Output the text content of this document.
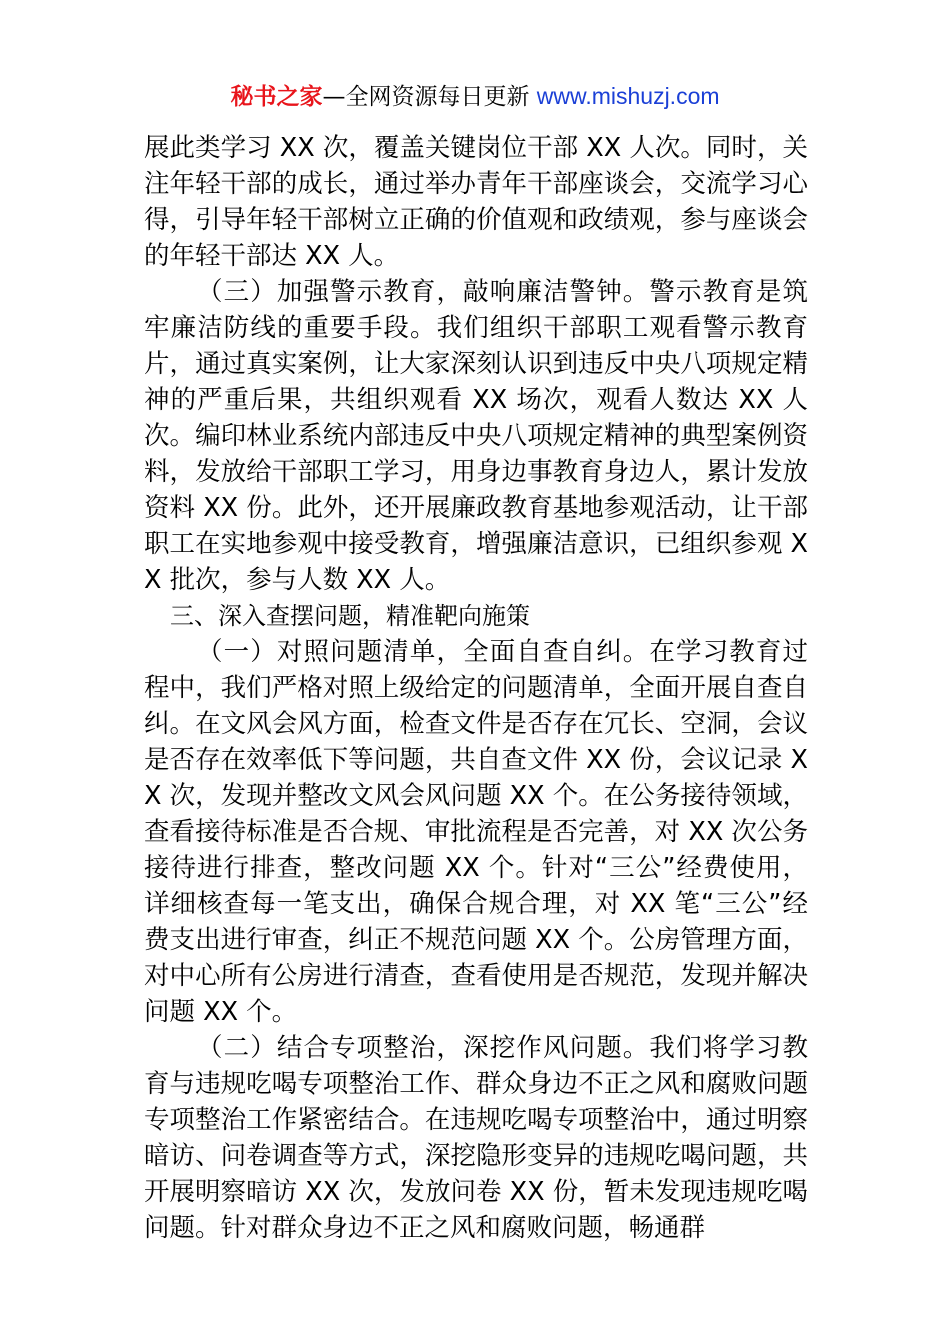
秘书之家—全网资源每日更新 www.mishuzj.com

展此类学习 XX 次，覆盖关键岗位干部 XX 人次。同时，关注年轻干部的成长，通过举办青年干部座谈会，交流学习心得，引导年轻干部树立正确的价值观和政绩观，参与座谈会的年轻干部达 XX 人。

（三）加强警示教育，敲响廉洁警钟。警示教育是筑牢廉洁防线的重要手段。我们组织干部职工观看警示教育片，通过真实案例，让大家深刻认识到违反中央八项规定精神的严重后果，共组织观看 XX 场次，观看人数达 XX 人次。编印林业系统内部违反中央八项规定精神的典型案例资料，发放给干部职工学习，用身边事教育身边人，累计发放资料 XX 份。此外，还开展廉政教育基地参观活动，让干部职工在实地参观中接受教育，增强廉洁意识，已组织参观 XX 批次，参与人数 XX 人。

三、深入查摆问题，精准靶向施策

（一）对照问题清单，全面自查自纠。在学习教育过程中，我们严格对照上级给定的问题清单，全面开展自查自纠。在文风会风方面，检查文件是否存在冗长、空洞，会议是否存在效率低下等问题，共自查文件 XX 份，会议记录 XX 次，发现并整改文风会风问题 XX 个。在公务接待领域，查看接待标准是否合规、审批流程是否完善，对 XX 次公务接待进行排查，整改问题 XX 个。针对“三公”经费使用，详细核查每一笔支出，确保合规合理，对 XX 笔“三公”经费支出进行审查，纠正不规范问题 XX 个。公房管理方面，对中心所有公房进行清查，查看使用是否规范，发现并解决问题 XX 个。

（二）结合专项整治，深挖作风问题。我们将学习教育与违规吃喝专项整治工作、群众身边不正之风和腐败问题专项整治工作紧密结合。在违规吃喝专项整治中，通过明察暗访、问卷调查等方式，深挖隐形变异的违规吃喝问题，共开展明察暗访 XX 次，发放问卷 XX 份，暂未发现违规吃喝问题。针对群众身边不正之风和腐败问题，畅通群
